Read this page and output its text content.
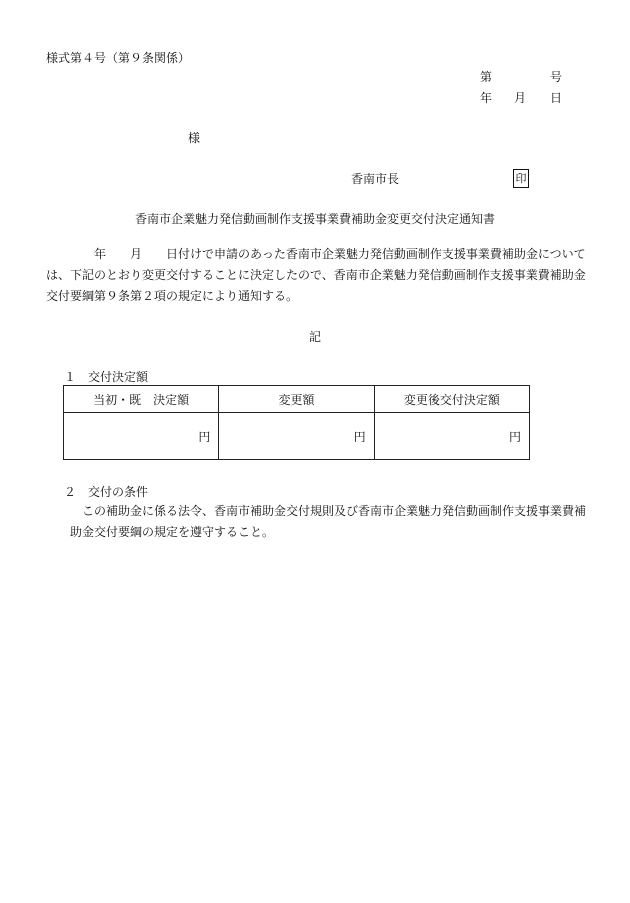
様式第４号（第９条関係）
第	号
年 月 日
様
香南市長	印
香南市企業魅力発信動画制作支援事業費補助金変更交付決定通知書
年 月 日付けで申請のあった香南市企業魅力発信動画制作支援事業費補助金について
は、下記のとおり変更交付することに決定したので、香南市企業魅力発信動画制作支援事業費補助金
交付要綱第９条第２項の規定により通知する。
記
１　交付決定額
当初・既　決定額	変更額	変更後交付決定額
円	円	円
２　交付の条件
この補助金に係る法令、香南市補助金交付規則及び香南市企業魅力発信動画制作支援事業費補
助金交付要綱の規定を遵守すること。
